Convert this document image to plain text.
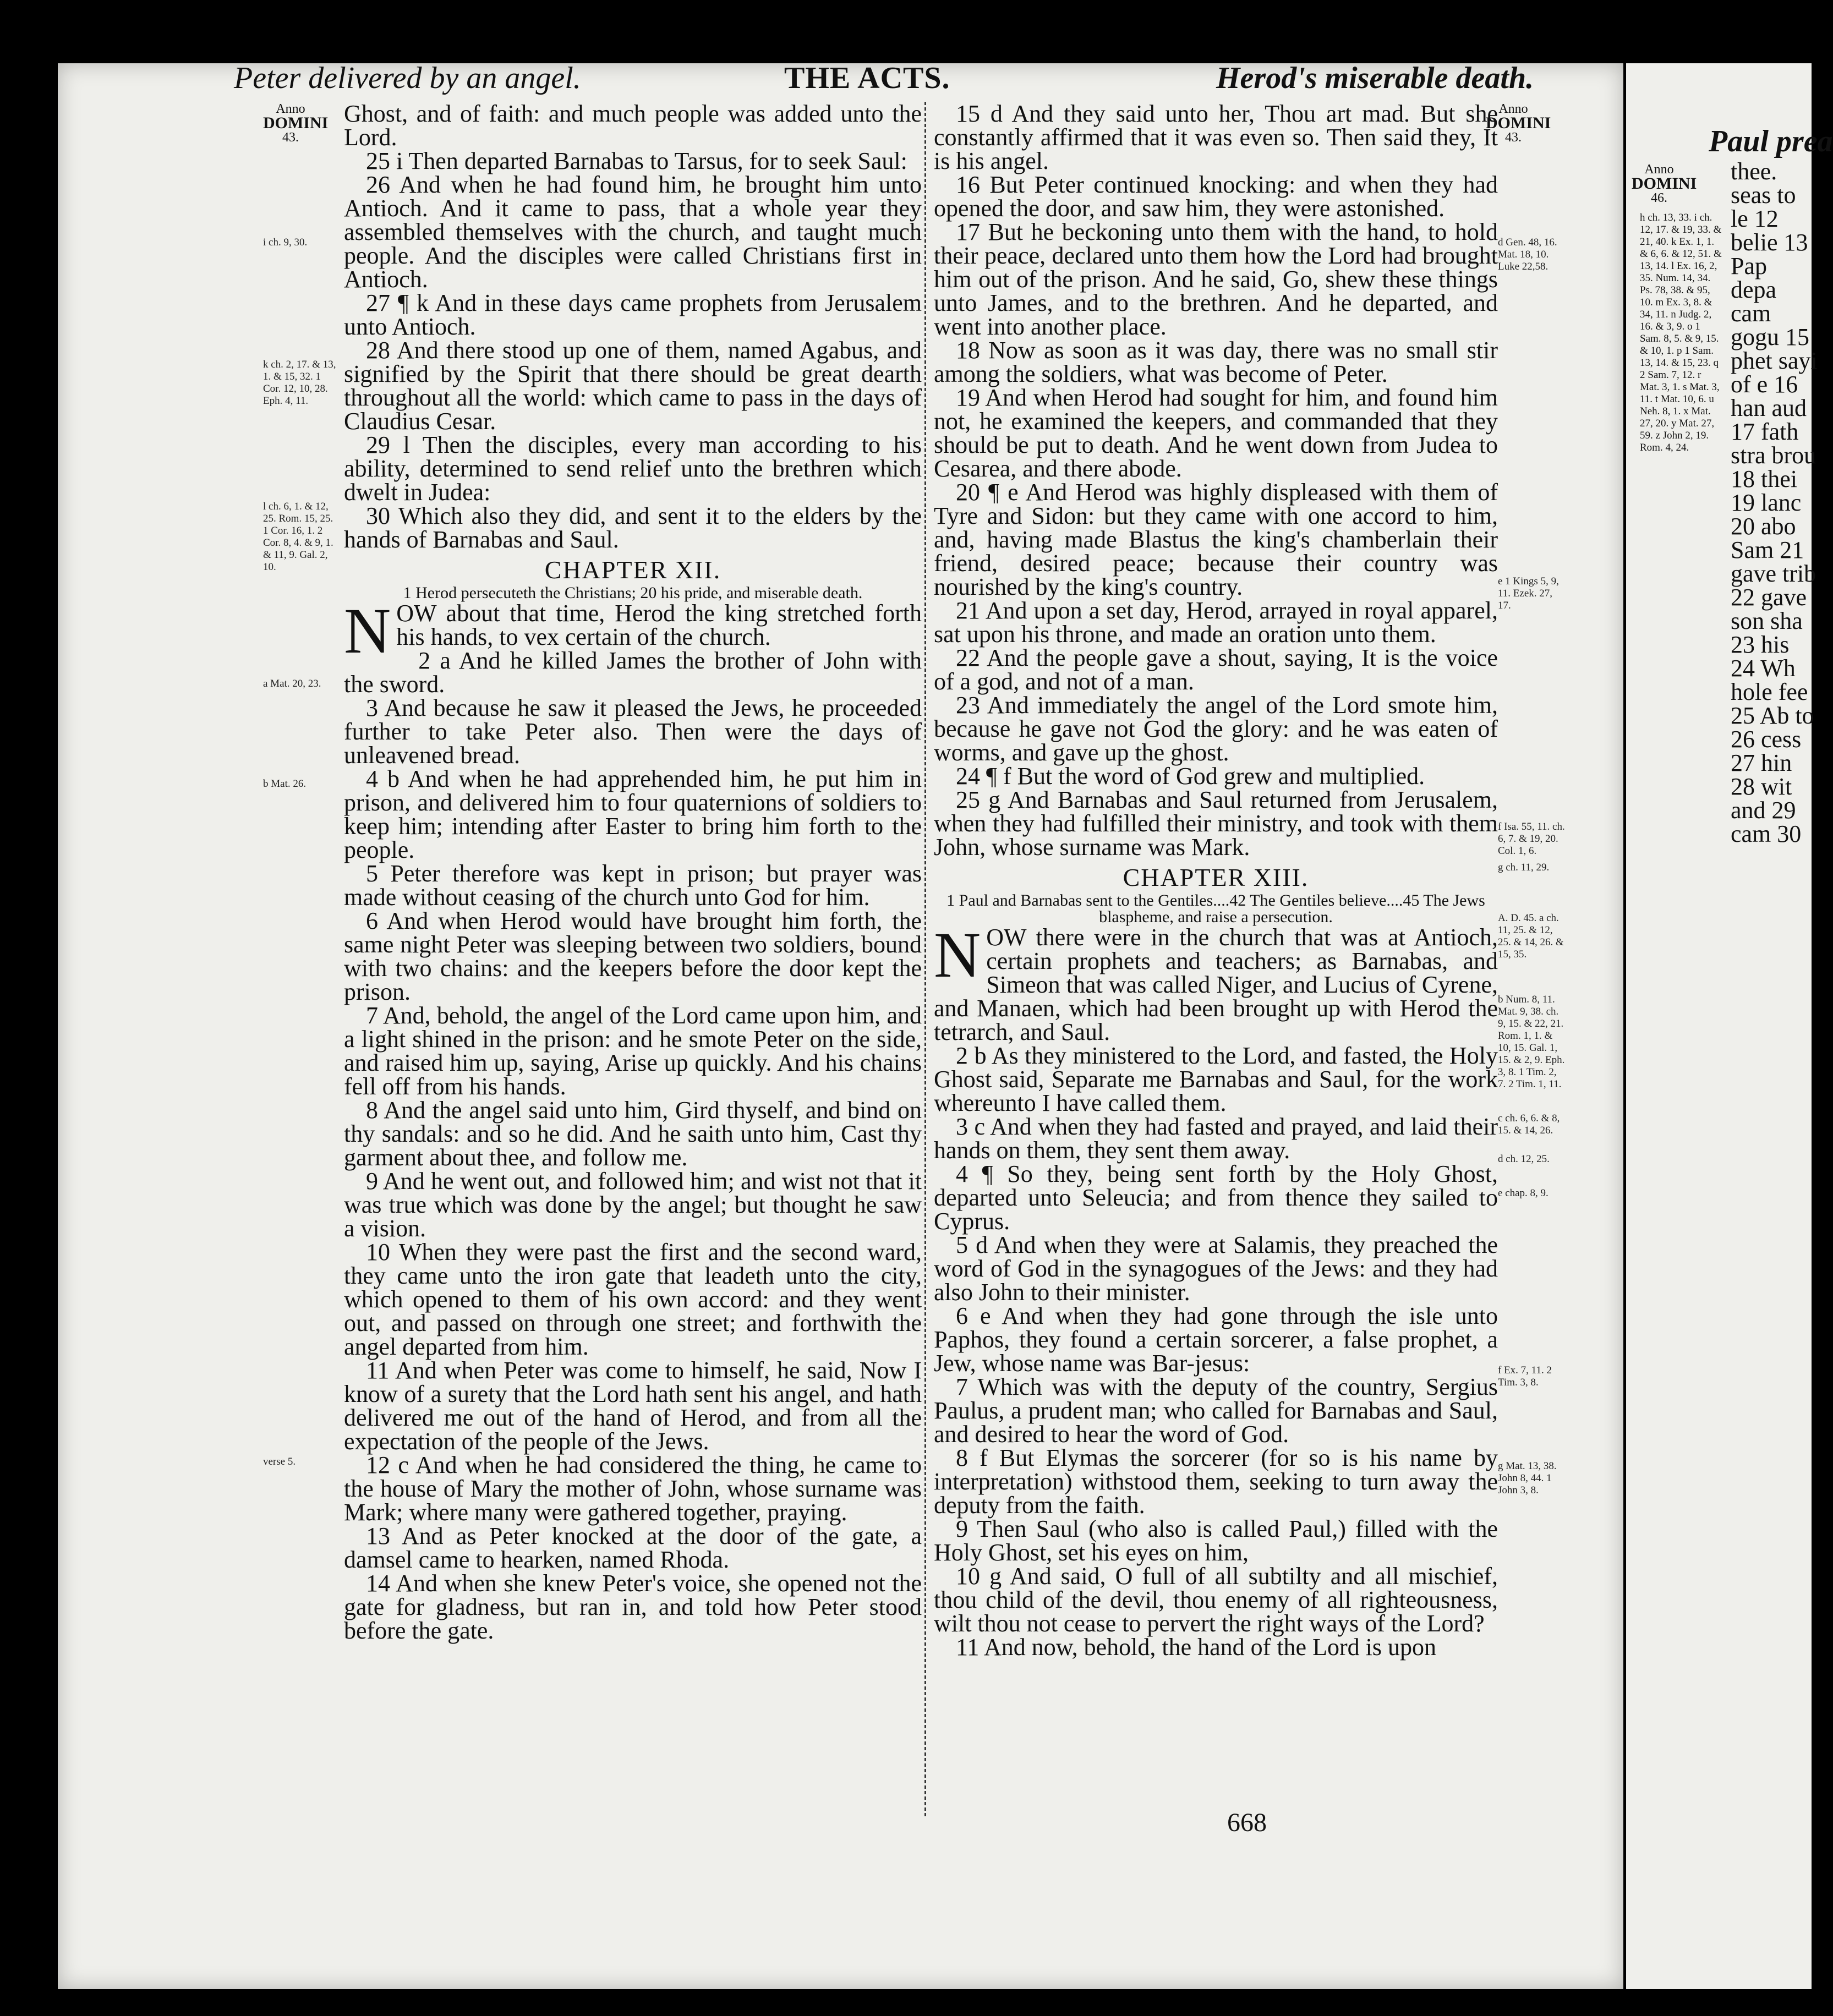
Paul prea
Anno
DOMINI
46.
h ch. 13, 33. i ch. 12, 17. & 19, 33. & 21, 40. k Ex. 1, 1. & 6, 6. & 12, 51. & 13, 14. l Ex. 16, 2, 35. Num. 14, 34. Ps. 78, 38. & 95, 10. m Ex. 3, 8. & 34, 11. n Judg. 2, 16. & 3, 9. o 1 Sam. 8, 5. & 9, 15. & 10, 1. p 1 Sam. 13, 14. & 15, 23. q 2 Sam. 7, 12. r Mat. 3, 1. s Mat. 3, 11. t Mat. 10, 6. u Neh. 8, 1. x Mat. 27, 20. y Mat. 27, 59. z John 2, 19. Rom. 4, 24.
thee. seas to le 12 belie 13 Pap depa cam gogu 15 phet sayi of e 16 han aud 17 fath stra brou 18 thei 19 lanc 20 abo Sam 21 gave trib 22 gave son sha 23 his 24 Wh hole fee 25 Ab to 26 cess 27 hin 28 wit and 29 cam 30
Peter delivered by an angel.	THE ACTS.	Herod's miserable death.
Anno
DOMINI
43.
Anno
DOMINI
43.
i ch. 9, 30.
k ch. 2, 17. & 13, 1. & 15, 32. 1 Cor. 12, 10, 28. Eph. 4, 11.
l ch. 6, 1. & 12, 25. Rom. 15, 25. 1 Cor. 16, 1. 2 Cor. 8, 4. & 9, 1. & 11, 9. Gal. 2, 10.
a Mat. 20, 23.
b Mat. 26.
verse 5.

Ghost, and of faith: and much people was added unto the Lord.

25 i Then departed Barnabas to Tarsus, for to seek Saul:

26 And when he had found him, he brought him unto Antioch. And it came to pass, that a whole year they assembled themselves with the church, and taught much people. And the disciples were called Christians first in Antioch.

27 ¶ k And in these days came prophets from Jerusalem unto Antioch.

28 And there stood up one of them, named Agabus, and signified by the Spirit that there should be great dearth throughout all the world: which came to pass in the days of Claudius Cesar.

29 l Then the disciples, every man according to his ability, determined to send relief unto the brethren which dwelt in Judea:

30 Which also they did, and sent it to the elders by the hands of Barnabas and Saul.

CHAPTER XII.

1 Herod persecuteth the Christians; 20 his pride, and miserable death.

NOW about that time, Herod the king stretched forth his hands, to vex certain of the church.

2 a And he killed James the brother of John with the sword.

3 And because he saw it pleased the Jews, he proceeded further to take Peter also. Then were the days of unleavened bread.

4 b And when he had apprehended him, he put him in prison, and delivered him to four quaternions of soldiers to keep him; intending after Easter to bring him forth to the people.

5 Peter therefore was kept in prison; but prayer was made without ceasing of the church unto God for him.

6 And when Herod would have brought him forth, the same night Peter was sleeping between two soldiers, bound with two chains: and the keepers before the door kept the prison.

7 And, behold, the angel of the Lord came upon him, and a light shined in the prison: and he smote Peter on the side, and raised him up, saying, Arise up quickly. And his chains fell off from his hands.

8 And the angel said unto him, Gird thyself, and bind on thy sandals: and so he did. And he saith unto him, Cast thy garment about thee, and follow me.

9 And he went out, and followed him; and wist not that it was true which was done by the angel; but thought he saw a vision.

10 When they were past the first and the second ward, they came unto the iron gate that leadeth unto the city, which opened to them of his own accord: and they went out, and passed on through one street; and forthwith the angel departed from him.

11 And when Peter was come to himself, he said, Now I know of a surety that the Lord hath sent his angel, and hath delivered me out of the hand of Herod, and from all the expectation of the people of the Jews.

12 c And when he had considered the thing, he came to the house of Mary the mother of John, whose surname was Mark; where many were gathered together, praying.

13 And as Peter knocked at the door of the gate, a damsel came to hearken, named Rhoda.

14 And when she knew Peter's voice, she opened not the gate for gladness, but ran in, and told how Peter stood before the gate.

15 d And they said unto her, Thou art mad. But she constantly affirmed that it was even so. Then said they, It is his angel.

16 But Peter continued knocking: and when they had opened the door, and saw him, they were astonished.

17 But he beckoning unto them with the hand, to hold their peace, declared unto them how the Lord had brought him out of the prison. And he said, Go, shew these things unto James, and to the brethren. And he departed, and went into another place.

18 Now as soon as it was day, there was no small stir among the soldiers, what was become of Peter.

19 And when Herod had sought for him, and found him not, he examined the keepers, and commanded that they should be put to death. And he went down from Judea to Cesarea, and there abode.

20 ¶ e And Herod was highly displeased with them of Tyre and Sidon: but they came with one accord to him, and, having made Blastus the king's chamberlain their friend, desired peace; because their country was nourished by the king's country.

21 And upon a set day, Herod, arrayed in royal apparel, sat upon his throne, and made an oration unto them.

22 And the people gave a shout, saying, It is the voice of a god, and not of a man.

23 And immediately the angel of the Lord smote him, because he gave not God the glory: and he was eaten of worms, and gave up the ghost.

24 ¶ f But the word of God grew and multiplied.

25 g And Barnabas and Saul returned from Jerusalem, when they had fulfilled their ministry, and took with them John, whose surname was Mark.

CHAPTER XIII.

1 Paul and Barnabas sent to the Gentiles....42 The Gentiles believe....45 The Jews blaspheme, and raise a persecution.

NOW there were in the church that was at Antioch, certain prophets and teachers; as Barnabas, and Simeon that was called Niger, and Lucius of Cyrene, and Manaen, which had been brought up with Herod the tetrarch, and Saul.

2 b As they ministered to the Lord, and fasted, the Holy Ghost said, Separate me Barnabas and Saul, for the work whereunto I have called them.

3 c And when they had fasted and prayed, and laid their hands on them, they sent them away.

4 ¶ So they, being sent forth by the Holy Ghost, departed unto Seleucia; and from thence they sailed to Cyprus.

5 d And when they were at Salamis, they preached the word of God in the synagogues of the Jews: and they had also John to their minister.

6 e And when they had gone through the isle unto Paphos, they found a certain sorcerer, a false prophet, a Jew, whose name was Bar-jesus:

7 Which was with the deputy of the country, Sergius Paulus, a prudent man; who called for Barnabas and Saul, and desired to hear the word of God.

8 f But Elymas the sorcerer (for so is his name by interpretation) withstood them, seeking to turn away the deputy from the faith.

9 Then Saul (who also is called Paul,) filled with the Holy Ghost, set his eyes on him,

10 g And said, O full of all subtilty and all mischief, thou child of the devil, thou enemy of all righteousness, wilt thou not cease to pervert the right ways of the Lord?

11 And now, behold, the hand of the Lord is upon

d Gen. 48, 16. Mat. 18, 10. Luke 22,58.
e 1 Kings 5, 9, 11. Ezek. 27, 17.
f Isa. 55, 11. ch. 6, 7. & 19, 20. Col. 1, 6.
g ch. 11, 29.
A. D. 45. a ch. 11, 25. & 12, 25. & 14, 26. & 15, 35.
b Num. 8, 11. Mat. 9, 38. ch. 9, 15. & 22, 21. Rom. 1, 1. & 10, 15. Gal. 1, 15. & 2, 9. Eph. 3, 8. 1 Tim. 2, 7. 2 Tim. 1, 11.
c ch. 6, 6. & 8, 15. & 14, 26.
d ch. 12, 25.
e chap. 8, 9.
f Ex. 7, 11. 2 Tim. 3, 8.
g Mat. 13, 38. John 8, 44. 1 John 3, 8.
668
